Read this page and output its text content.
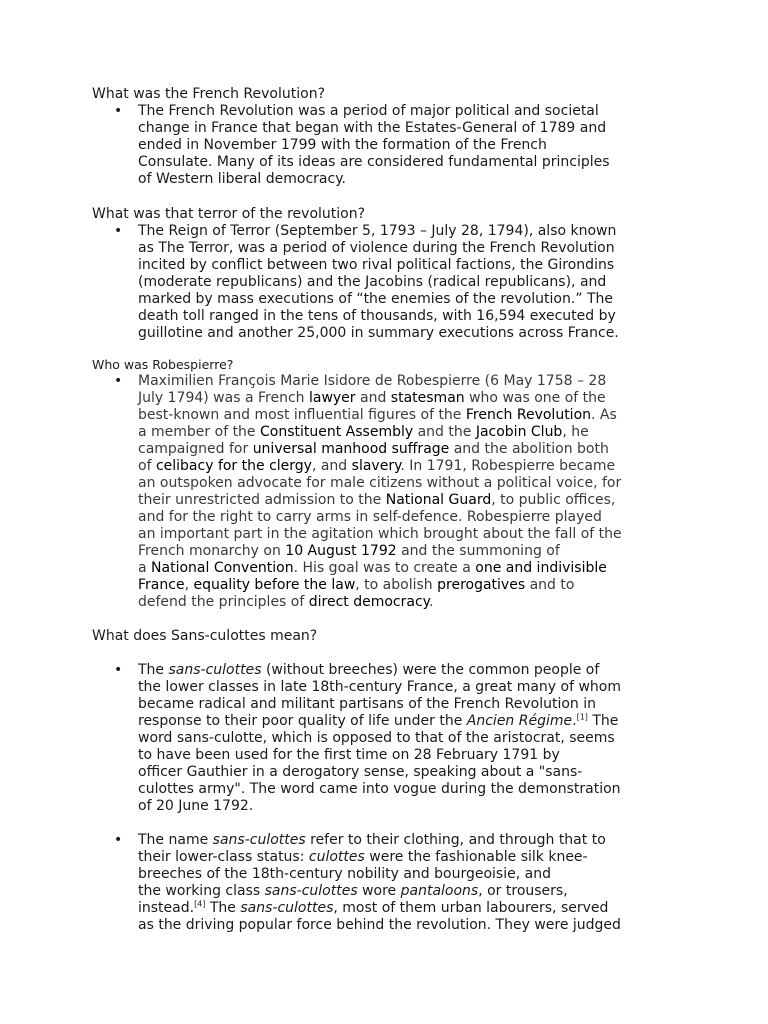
What was the French Revolution?

• The French Revolution was a period of major political and societal
change in France that began with the Estates-General of 1789 and
ended in November 1799 with the formation of the French
Consulate. Many of its ideas are considered fundamental principles
of Western liberal democracy.

What was that terror of the revolution?

• The Reign of Terror (September 5, 1793 – July 28, 1794), also known
as The Terror, was a period of violence during the French Revolution
incited by conflict between two rival political factions, the Girondins
(moderate republicans) and the Jacobins (radical republicans), and
marked by mass executions of “the enemies of the revolution.” The
death toll ranged in the tens of thousands, with 16,594 executed by
guillotine and another 25,000 in summary executions across France.

Who was Robespierre?

• Maximilien François Marie Isidore de Robespierre (6 May 1758 – 28
July 1794) was a French lawyer and statesman who was one of the
best-known and most influential figures of the French Revolution. As
a member of the Constituent Assembly and the Jacobin Club, he
campaigned for universal manhood suffrage and the abolition both
of celibacy for the clergy, and slavery. In 1791, Robespierre became
an outspoken advocate for male citizens without a political voice, for
their unrestricted admission to the National Guard, to public offices,
and for the right to carry arms in self-defence. Robespierre played
an important part in the agitation which brought about the fall of the
French monarchy on 10 August 1792 and the summoning of
a National Convention. His goal was to create a one and indivisible
France, equality before the law, to abolish prerogatives and to
defend the principles of direct democracy.

What does Sans-culottes mean?

• The sans-culottes (without breeches) were the common people of
the lower classes in late 18th-century France, a great many of whom
became radical and militant partisans of the French Revolution in
response to their poor quality of life under the Ancien Régime.[1] The
word sans-culotte, which is opposed to that of the aristocrat, seems
to have been used for the first time on 28 February 1791 by
officer Gauthier in a derogatory sense, speaking about a "sans-
culottes army". The word came into vogue during the demonstration
of 20 June 1792.
• The name sans-culottes refer to their clothing, and through that to
their lower-class status: culottes were the fashionable silk knee-
breeches of the 18th-century nobility and bourgeoisie, and
the working class sans-culottes wore pantaloons, or trousers,
instead.[4] The sans-culottes, most of them urban labourers, served
as the driving popular force behind the revolution. They were judged
